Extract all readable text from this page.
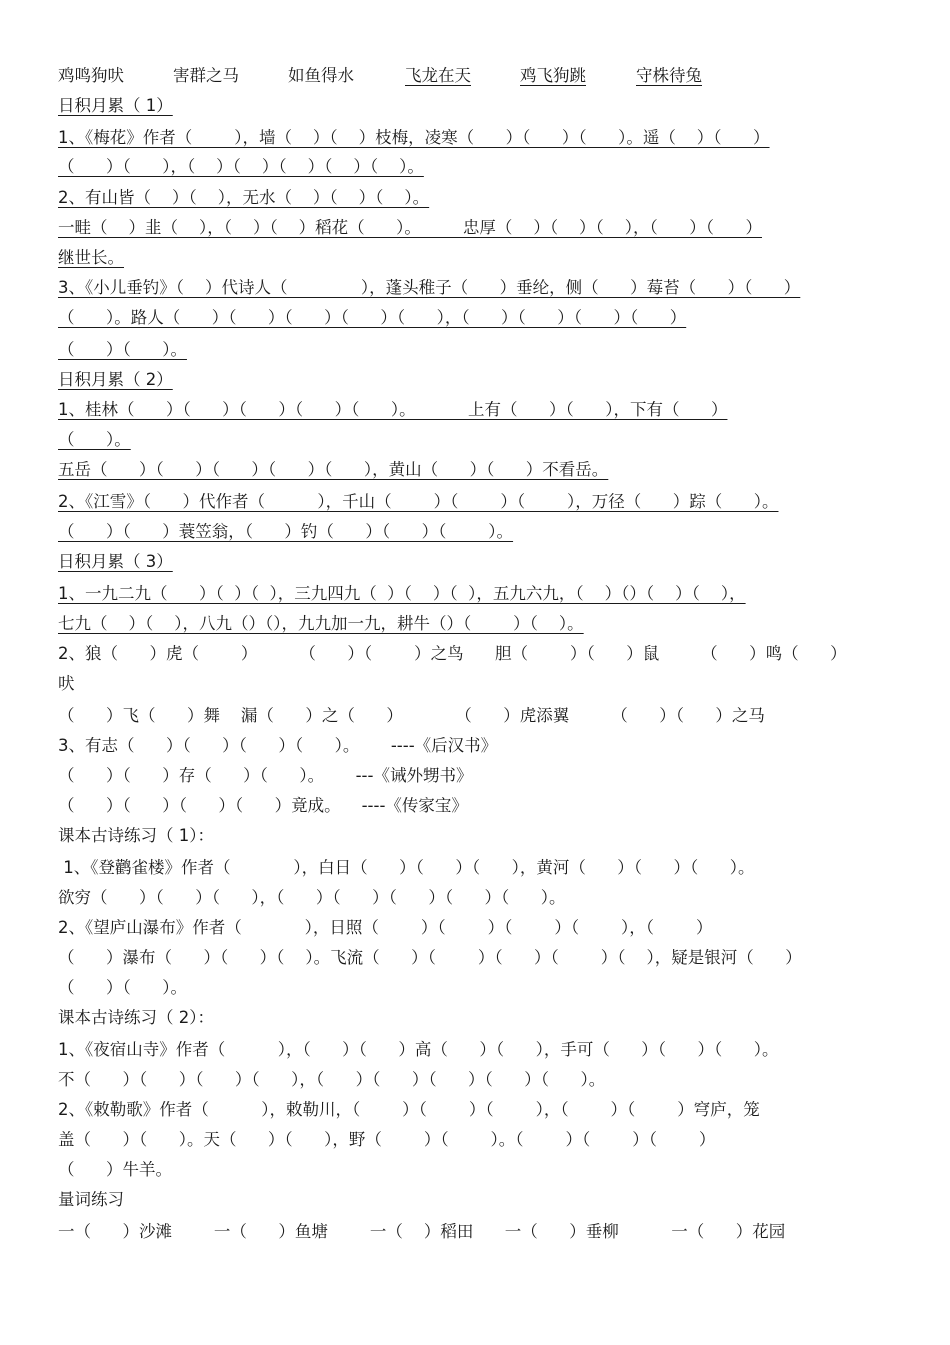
鸡鸣狗吠	害群之马	如鱼得水	飞龙在天	鸡飞狗跳	守株待兔
日积月累（ 1）
1、《梅花》作者（        ），墙（    ）（    ）枝梅，凌寒（      ）（      ）（      ）。遥（    ）（      ）
（      ）（      ），（    ）（    ）（    ）（    ）（    ）。
2、有山皆（    ）（    ），无水（    ）（    ）（    ）。
一畦（    ）韭（    ），（    ）（    ）稻花（      ）。        忠厚（    ）（    ）（    ），（      ）（      ）
继世长。
3、《小儿垂钓》（    ）代诗人（              ），蓬头稚子（      ）垂纶，侧（      ）莓苔（      ）（      ）
（      ）。路人（      ）（      ）（      ）（      ）（      ），（      ）（      ）（      ）（      ）
（      ）（      ）。
日积月累（ 2）
1、桂林（      ）（      ）（      ）（      ）（      ）。          上有（      ）（      ），下有（      ）
（      ）。
五岳（      ）（      ）（      ）（      ）（      ），黄山（      ）（      ）不看岳。
2、《江雪》（      ）代作者（          ），千山（        ）（        ）（        ），万径（      ）踪（      ）。
（      ）（      ）蓑笠翁，（      ）钓（      ）（      ）（        ）。
日积月累（ 3）
1、一九二九（      ）（  ）（  ），三九四九（  ）（    ）（  ），五九六九，（    ）（）（    ）（    ），
七九（    ）（    ），八九（）（），九九加一九，耕牛（）（        ）（    ）。
2、狼（      ）虎（        ）        （      ）（        ）之鸟      胆（        ）（      ）鼠        （      ）鸣（      ）
吠
（      ）飞（      ）舞    漏（      ）之（      ）          （      ）虎添翼        （      ）（      ）之马
3、有志（      ）（      ）（      ）（      ）。      ----《后汉书》
（      ）（      ）存（      ）（      ）。      ---《诫外甥书》
（      ）（      ）（      ）（      ）竟成。    ----《传家宝》
课本古诗练习（ 1）：
1、《登鹳雀楼》作者（            ），白日（      ）（      ）（      ），黄河（      ）（      ）（      ）。
欲穷（      ）（      ）（      ），（      ）（      ）（      ）（      ）（      ）。
2、《望庐山瀑布》作者（            ），日照（        ）（        ）（        ）（        ），（        ）
（      ）瀑布（      ）（      ）（    ）。飞流（      ）（        ）（      ）（        ）（    ），疑是银河（      ）
（      ）（      ）。
课本古诗练习（ 2）：
1、《夜宿山寺》作者（          ），（      ）（      ）高（      ）（      ），手可（      ）（      ）（      ）。
不（      ）（      ）（      ）（      ），（      ）（      ）（      ）（      ）（      ）。
2、《敕勒歌》作者（          ），敕勒川，（        ）（        ）（        ），（        ）（        ）穹庐，笼
盖（      ）（      ）。天（      ）（      ），野（        ）（        ）。（        ）（        ）（        ）
（      ）牛羊。
量词练习
一（      ）沙滩        一（      ）鱼塘        一（    ）稻田      一（      ）垂柳          一（      ）花园
